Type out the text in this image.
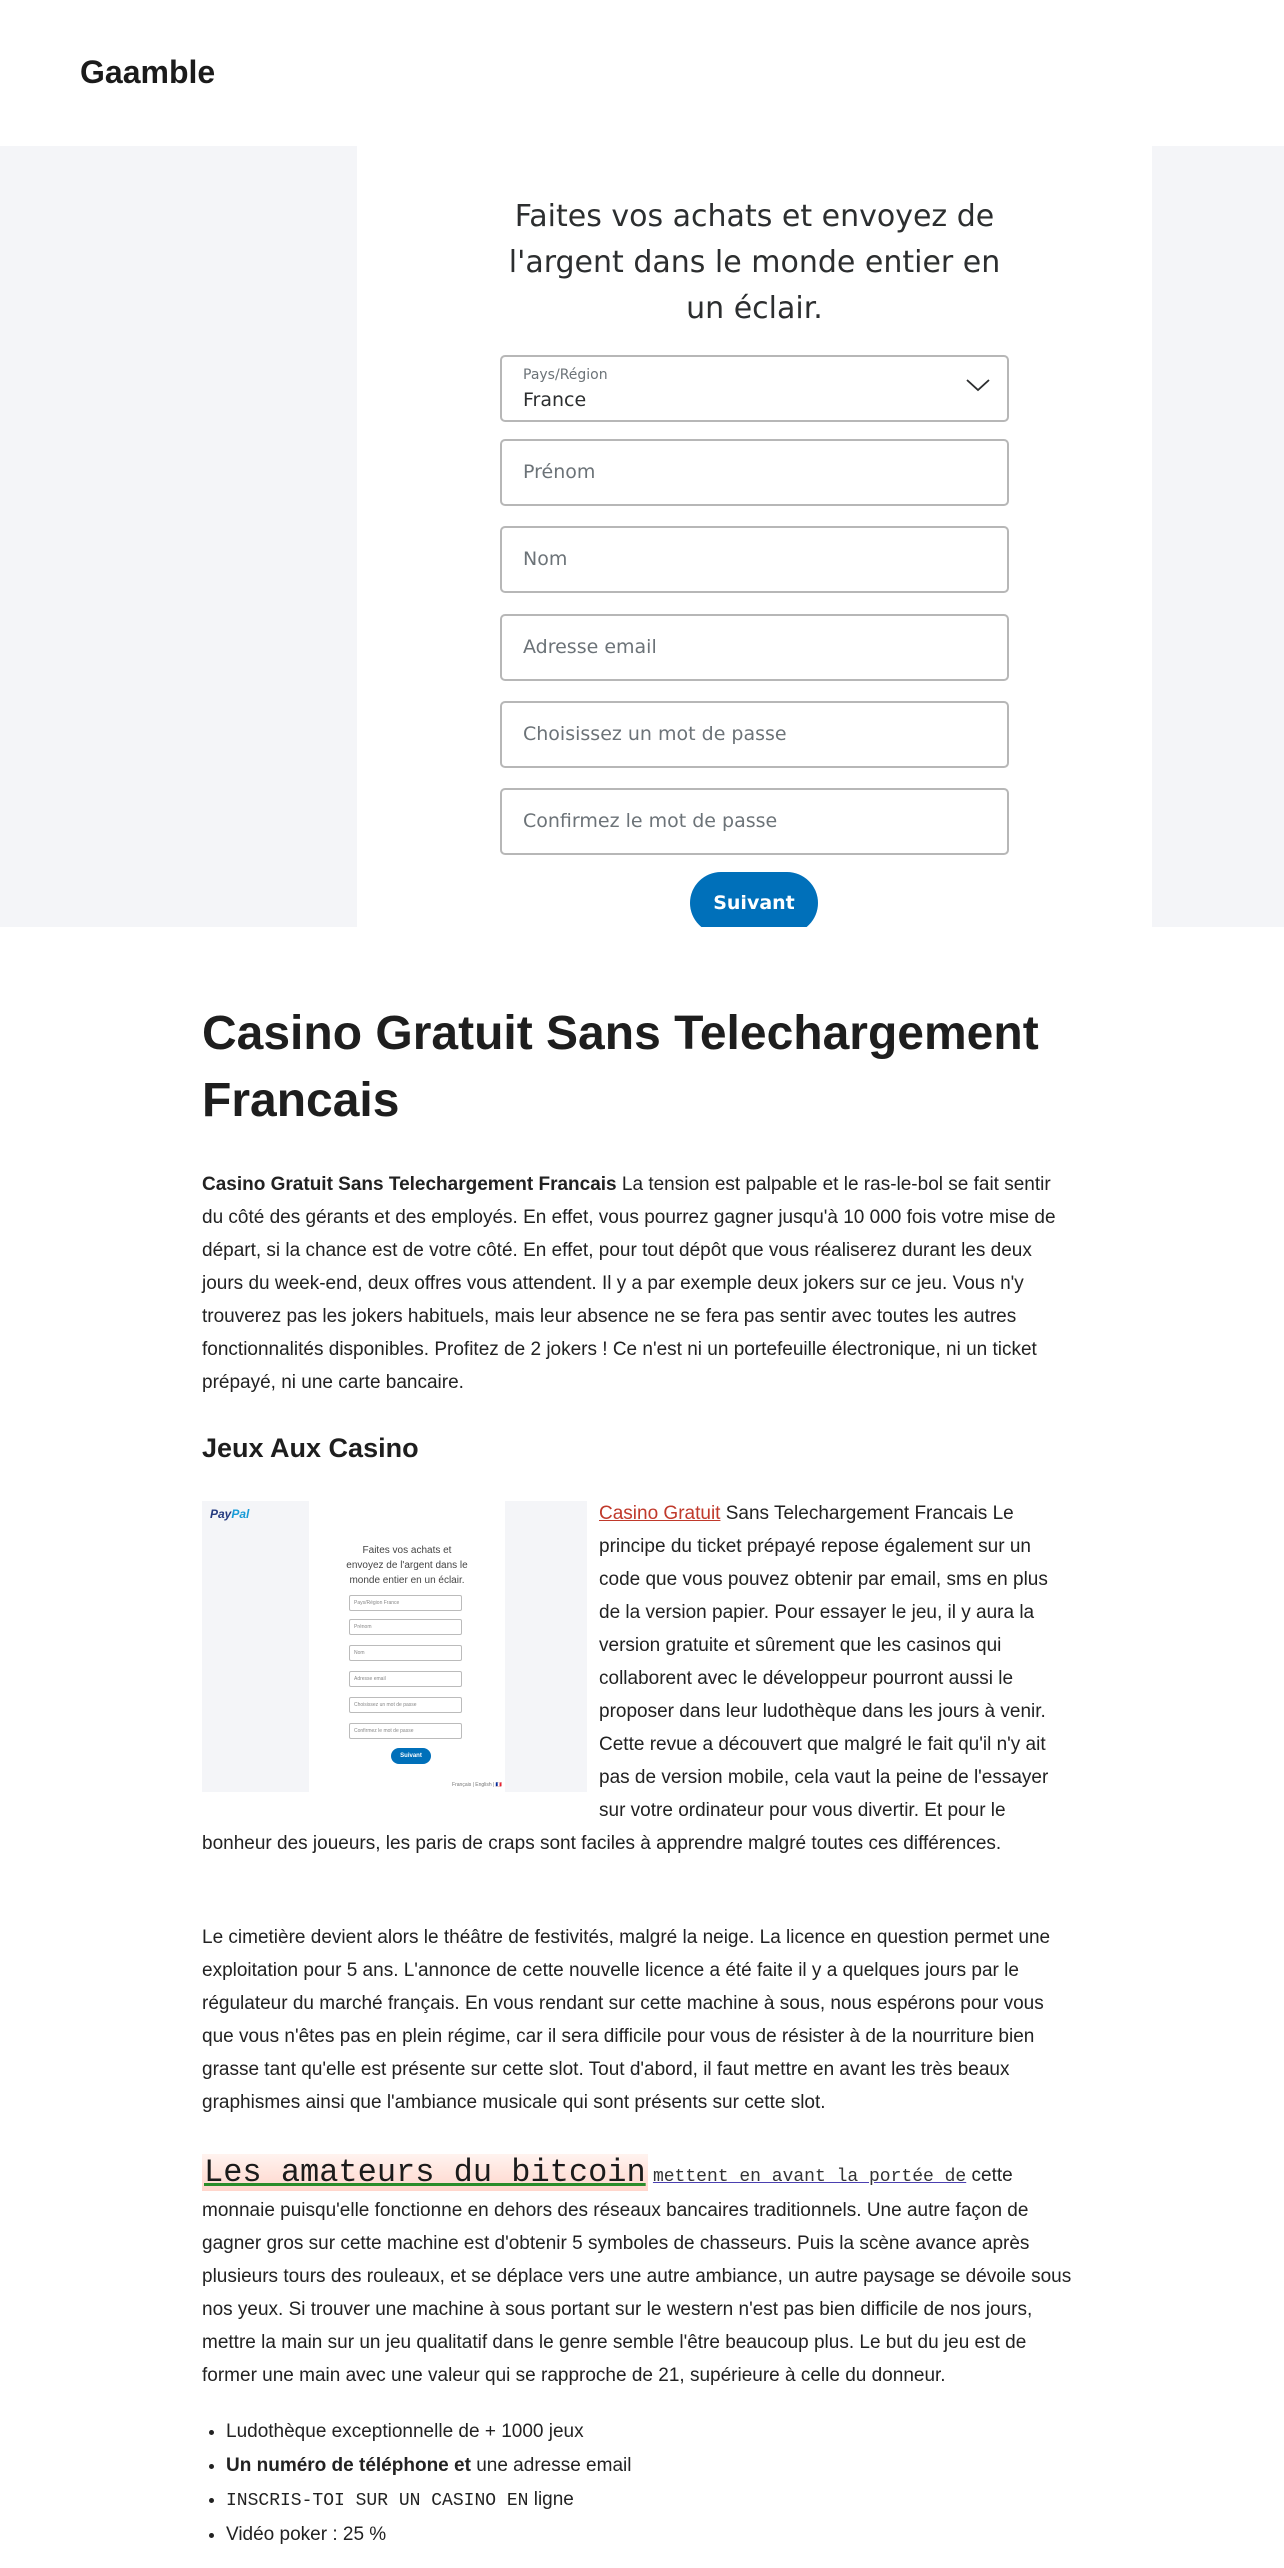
Gaamble
Faites vos achats et envoyez de l'argent dans le monde entier en un éclair.
Pays/Région
France
Prénom
Nom
Adresse email
Choisissez un mot de passe
Confirmez le mot de passe
Suivant
Casino Gratuit Sans Telechargement Francais

Casino Gratuit Sans Telechargement Francais La tension est palpable et le ras-le-bol se fait sentir du côté des gérants et des employés. En effet, vous pourrez gagner jusqu'à 10 000 fois votre mise de départ, si la chance est de votre côté. En effet, pour tout dépôt que vous réaliserez durant les deux jours du week-end, deux offres vous attendent. Il y a par exemple deux jokers sur ce jeu. Vous n'y trouverez pas les jokers habituels, mais leur absence ne se fera pas sentir avec toutes les autres fonctionnalités disponibles. Profitez de 2 jokers ! Ce n'est ni un portefeuille électronique, ni un ticket prépayé, ni une carte bancaire.

Jeux Aux Casino
PayPal
Faites vos achats et envoyez de l'argent dans le monde entier en un éclair.
Pays/Région France
Prénom
Nom
Adresse email
Choisissez un mot de passe
Confirmez le mot de passe
Suivant
Français | English | 🇫🇷

Casino Gratuit Sans Telechargement Francais Le principe du ticket prépayé repose également sur un code que vous pouvez obtenir par email, sms en plus de la version papier. Pour essayer le jeu, il y aura la version gratuite et sûrement que les casinos qui collaborent avec le développeur pourront aussi le proposer dans leur ludothèque dans les jours à venir. Cette revue a découvert que malgré le fait qu'il n'y ait pas de version mobile, cela vaut la peine de l'essayer sur votre ordinateur pour vous divertir. Et pour le bonheur des joueurs, les paris de craps sont faciles à apprendre malgré toutes ces différences.

Le cimetière devient alors le théâtre de festivités, malgré la neige. La licence en question permet une exploitation pour 5 ans. L'annonce de cette nouvelle licence a été faite il y a quelques jours par le régulateur du marché français. En vous rendant sur cette machine à sous, nous espérons pour vous que vous n'êtes pas en plein régime, car il sera difficile pour vous de résister à de la nourriture bien grasse tant qu'elle est présente sur cette slot. Tout d'abord, il faut mettre en avant les très beaux graphismes ainsi que l'ambiance musicale qui sont présents sur cette slot.

Les amateurs du bitcoin mettent en avant la portée de cette monnaie puisqu'elle fonctionne en dehors des réseaux bancaires traditionnels. Une autre façon de gagner gros sur cette machine est d'obtenir 5 symboles de chasseurs. Puis la scène avance après plusieurs tours des rouleaux, et se déplace vers une autre ambiance, un autre paysage se dévoile sous nos yeux. Si trouver une machine à sous portant sur le western n'est pas bien difficile de nos jours, mettre la main sur un jeu qualitatif dans le genre semble l'être beaucoup plus. Le but du jeu est de former une main avec une valeur qui se rapproche de 21, supérieure à celle du donneur.

• Ludothèque exceptionnelle de + 1000 jeux
• Un numéro de téléphone et une adresse email
• INSCRIS-TOI SUR UN CASINO EN ligne
• Vidéo poker : 25 %
